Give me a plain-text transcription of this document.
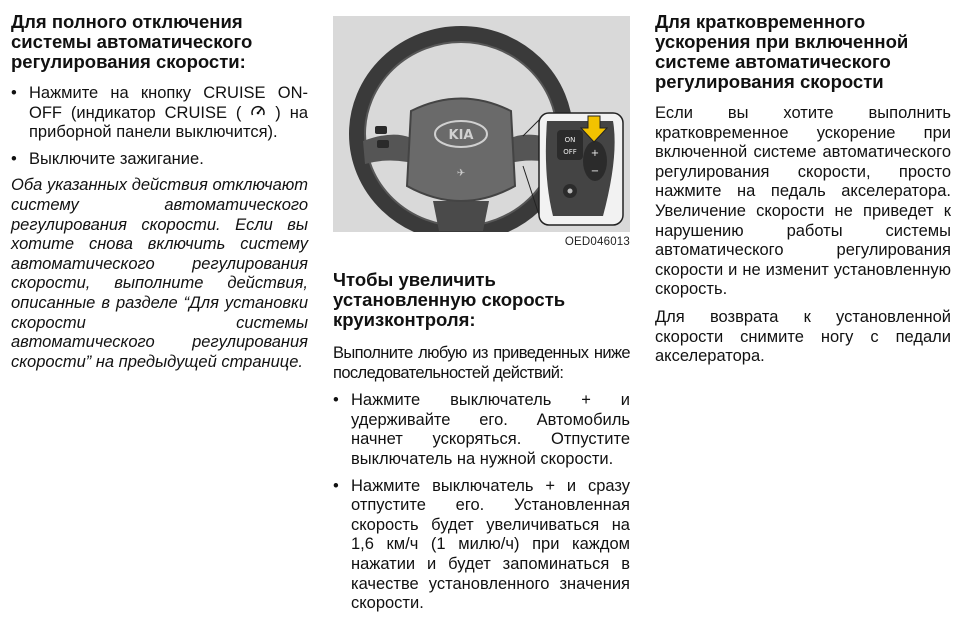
Для полного отключения системы автоматического регулирования скорости:
• Нажмите на кнопку CRUISE ON-OFF (индикатор CRUISE ( ) на приборной панели выключится).
• Выключите зажигание.

Оба указанных действия отключают систему автоматического регулирования скорости. Если вы хотите снова включить систему автоматического регулирования скорости, выполните действия, описанные в разделе “Для установки скорости системы автоматического регулирования скорости” на предыдущей странице.

KIA
✈
ON
OFF +
−
OED046013
Чтобы увеличить установленную скорость круизконтроля:

Выполните любую из приведенных ниже последовательностей действий:

• Нажмите выключатель + и удерживайте его. Автомобиль начнет ускоряться. Отпустите выключатель на нужной скорости.
• Нажмите выключатель + и сразу отпустите его. Установленная скорость будет увеличиваться на 1,6 км/ч (1 милю/ч) при каждом нажатии и будет запоминаться в качестве установленного значения скорости.
Для кратковременного ускорения при включенной системе автоматического регулирования скорости

Если вы хотите выполнить кратковременное ускорение при включенной системе автоматического регулирования скорости, просто нажмите на педаль акселератора. Увеличение скорости не приведет к нарушению работы системы автоматического регулирования скорости и не изменит установленную скорость.

Для возврата к установленной скорости снимите ногу с педали акселератора.
